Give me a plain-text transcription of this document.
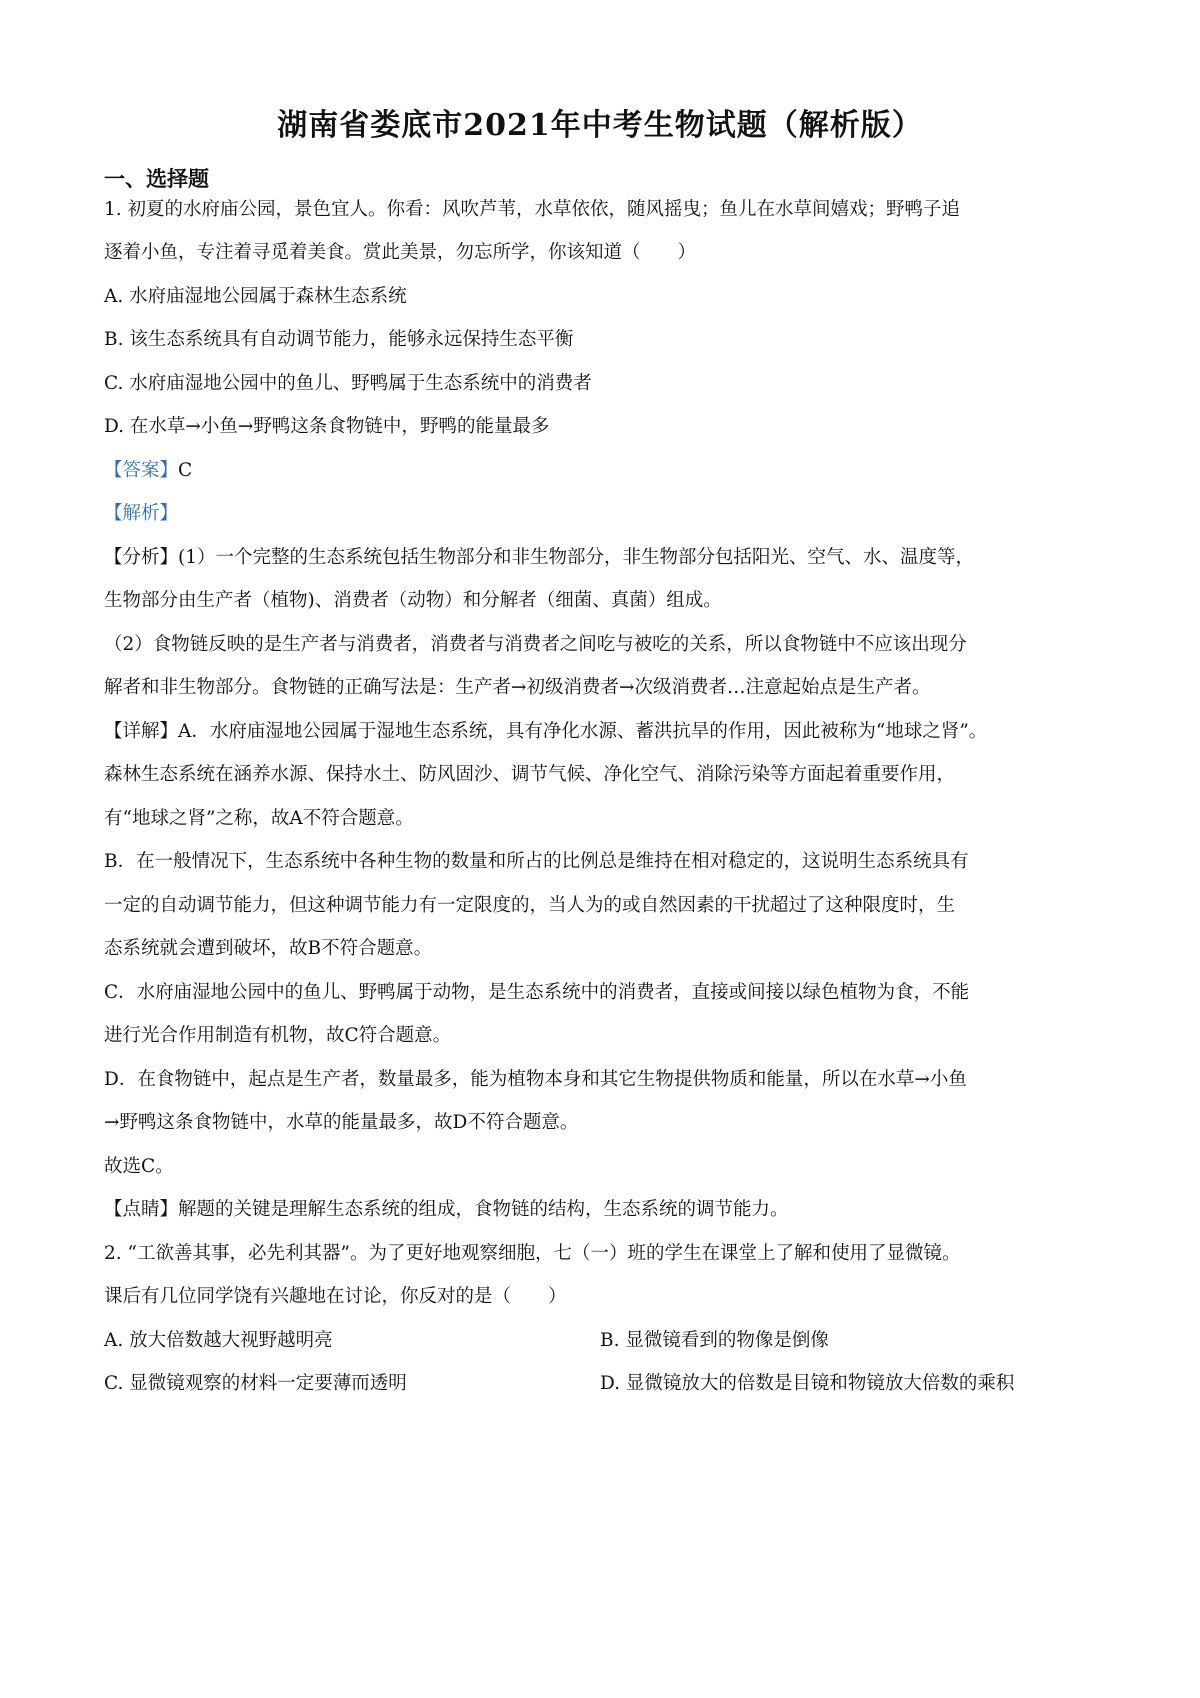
湖南省娄底市2021年中考生物试题（解析版）
一、选择题
1. 初夏的水府庙公园，景色宜人。你看：风吹芦苇，水草依依，随风摇曳；鱼儿在水草间嬉戏；野鸭子追
逐着小鱼，专注着寻觅着美食。赏此美景，勿忘所学，你该知道（　　）
A. 水府庙湿地公园属于森林生态系统
B. 该生态系统具有自动调节能力，能够永远保持生态平衡
C. 水府庙湿地公园中的鱼儿、野鸭属于生态系统中的消费者
D. 在水草→小鱼→野鸭这条食物链中，野鸭的能量最多
【答案】C
【解析】
【分析】(1）一个完整的生态系统包括生物部分和非生物部分，非生物部分包括阳光、空气、水、温度等，
生物部分由生产者（植物)、消费者（动物）和分解者（细菌、真菌）组成。
（2）食物链反映的是生产者与消费者，消费者与消费者之间吃与被吃的关系，所以食物链中不应该出现分
解者和非生物部分。食物链的正确写法是：生产者→初级消费者→次级消费者…注意起始点是生产者。
【详解】A．水府庙湿地公园属于湿地生态系统，具有净化水源、蓄洪抗旱的作用，因此被称为“地球之肾”。
森林生态系统在涵养水源、保持水土、防风固沙、调节气候、净化空气、消除污染等方面起着重要作用，
有“地球之肾”之称，故A不符合题意。
B．在一般情况下，生态系统中各种生物的数量和所占的比例总是维持在相对稳定的，这说明生态系统具有
一定的自动调节能力，但这种调节能力有一定限度的，当人为的或自然因素的干扰超过了这种限度时，生
态系统就会遭到破坏，故B不符合题意。
C．水府庙湿地公园中的鱼儿、野鸭属于动物，是生态系统中的消费者，直接或间接以绿色植物为食，不能
进行光合作用制造有机物，故C符合题意。
D．在食物链中，起点是生产者，数量最多，能为植物本身和其它生物提供物质和能量，所以在水草→小鱼
→野鸭这条食物链中，水草的能量最多，故D不符合题意。
故选C。
【点睛】解题的关键是理解生态系统的组成，食物链的结构，生态系统的调节能力。
2. “工欲善其事，必先利其器”。为了更好地观察细胞，七（一）班的学生在课堂上了解和使用了显微镜。
课后有几位同学饶有兴趣地在讨论，你反对的是（　　）
A. 放大倍数越大视野越明亮	B. 显微镜看到的物像是倒像
C. 显微镜观察的材料一定要薄而透明	D. 显微镜放大的倍数是目镜和物镜放大倍数的乘积
